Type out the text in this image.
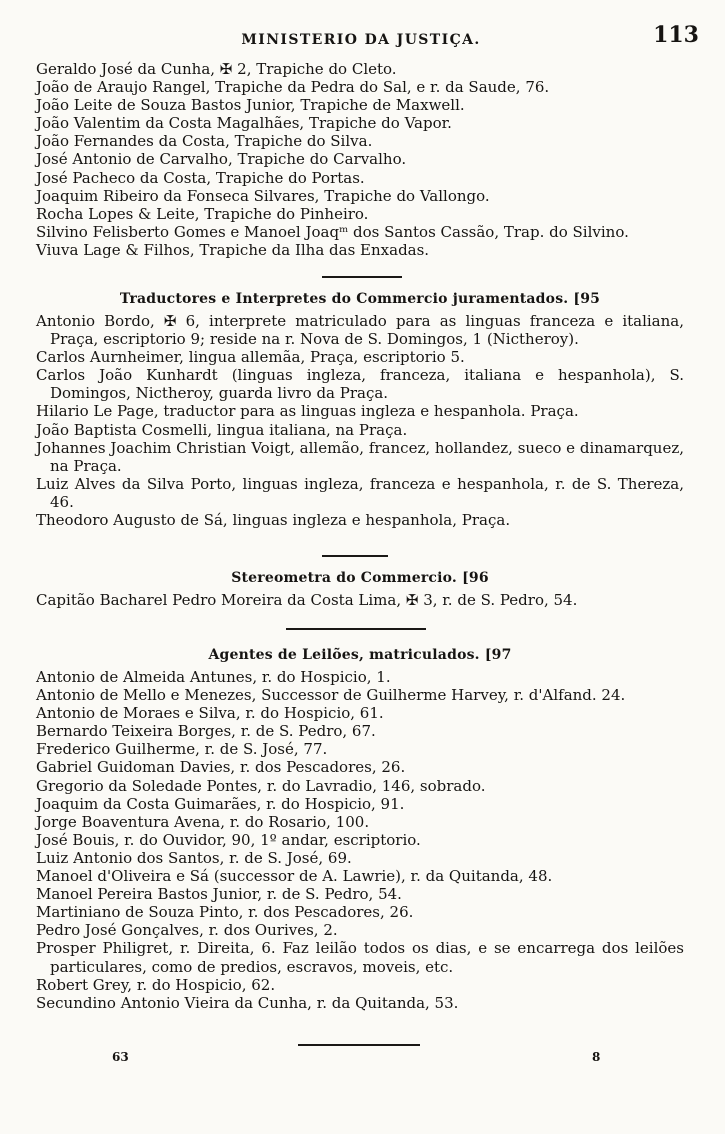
MINISTERIO DA JUSTIÇA.	113
Geraldo José da Cunha, ✠ 2, Trapiche do Cleto.
João de Araujo Rangel, Trapiche da Pedra do Sal, e r. da Saude, 76.
João Leite de Souza Bastos Junior, Trapiche de Maxwell.
João Valentim da Costa Magalhães, Trapiche do Vapor.
João Fernandes da Costa, Trapiche do Silva.
José Antonio de Carvalho, Trapiche do Carvalho.
José Pacheco da Costa, Trapiche do Portas.
Joaquim Ribeiro da Fonseca Silvares, Trapiche do Vallongo.
Rocha Lopes & Leite, Trapiche do Pinheiro.
Silvino Felisberto Gomes e Manoel Joaqᵐ dos Santos Cassão, Trap. do Silvino.
Viuva Lage & Filhos, Trapiche da Ilha das Enxadas.
Traductores e Interpretes do Commercio juramentados. [95
Antonio Bordo, ✠ 6, interprete matriculado para as linguas franceza e italiana, Praça, escriptorio 9; reside na r. Nova de S. Domingos, 1 (Nictheroy).
Carlos Aurnheimer, lingua allemãa, Praça, escriptorio 5.
Carlos João Kunhardt (linguas ingleza, franceza, italiana e hespanhola), S. Domingos, Nictheroy, guarda livro da Praça.
Hilario Le Page, traductor para as linguas ingleza e hespanhola. Praça.
João Baptista Cosmelli, lingua italiana, na Praça.
Johannes Joachim Christian Voigt, allemão, francez, hollandez, sueco e dinamarquez, na Praça.
Luiz Alves da Silva Porto, linguas ingleza, franceza e hespanhola, r. de S. Thereza, 46.
Theodoro Augusto de Sá, linguas ingleza e hespanhola, Praça.
Stereometra do Commercio. [96
Capitão Bacharel Pedro Moreira da Costa Lima, ✠ 3, r. de S. Pedro, 54.
Agentes de Leilões, matriculados. [97
Antonio de Almeida Antunes, r. do Hospicio, 1.
Antonio de Mello e Menezes, Successor de Guilherme Harvey, r. d'Alfand. 24.
Antonio de Moraes e Silva, r. do Hospicio, 61.
Bernardo Teixeira Borges, r. de S. Pedro, 67.
Frederico Guilherme, r. de S. José, 77.
Gabriel Guidoman Davies, r. dos Pescadores, 26.
Gregorio da Soledade Pontes, r. do Lavradio, 146, sobrado.
Joaquim da Costa Guimarães, r. do Hospicio, 91.
Jorge Boaventura Avena, r. do Rosario, 100.
José Bouis, r. do Ouvidor, 90, 1º andar, escriptorio.
Luiz Antonio dos Santos, r. de S. José, 69.
Manoel d'Oliveira e Sá (successor de A. Lawrie), r. da Quitanda, 48.
Manoel Pereira Bastos Junior, r. de S. Pedro, 54.
Martiniano de Souza Pinto, r. dos Pescadores, 26.
Pedro José Gonçalves, r. dos Ourives, 2.
Prosper Philigret, r. Direita, 6. Faz leilão todos os dias, e se encarrega dos leilões particulares, como de predios, escravos, moveis, etc.
Robert Grey, r. do Hospicio, 62.
Secundino Antonio Vieira da Cunha, r. da Quitanda, 53.
63	8
